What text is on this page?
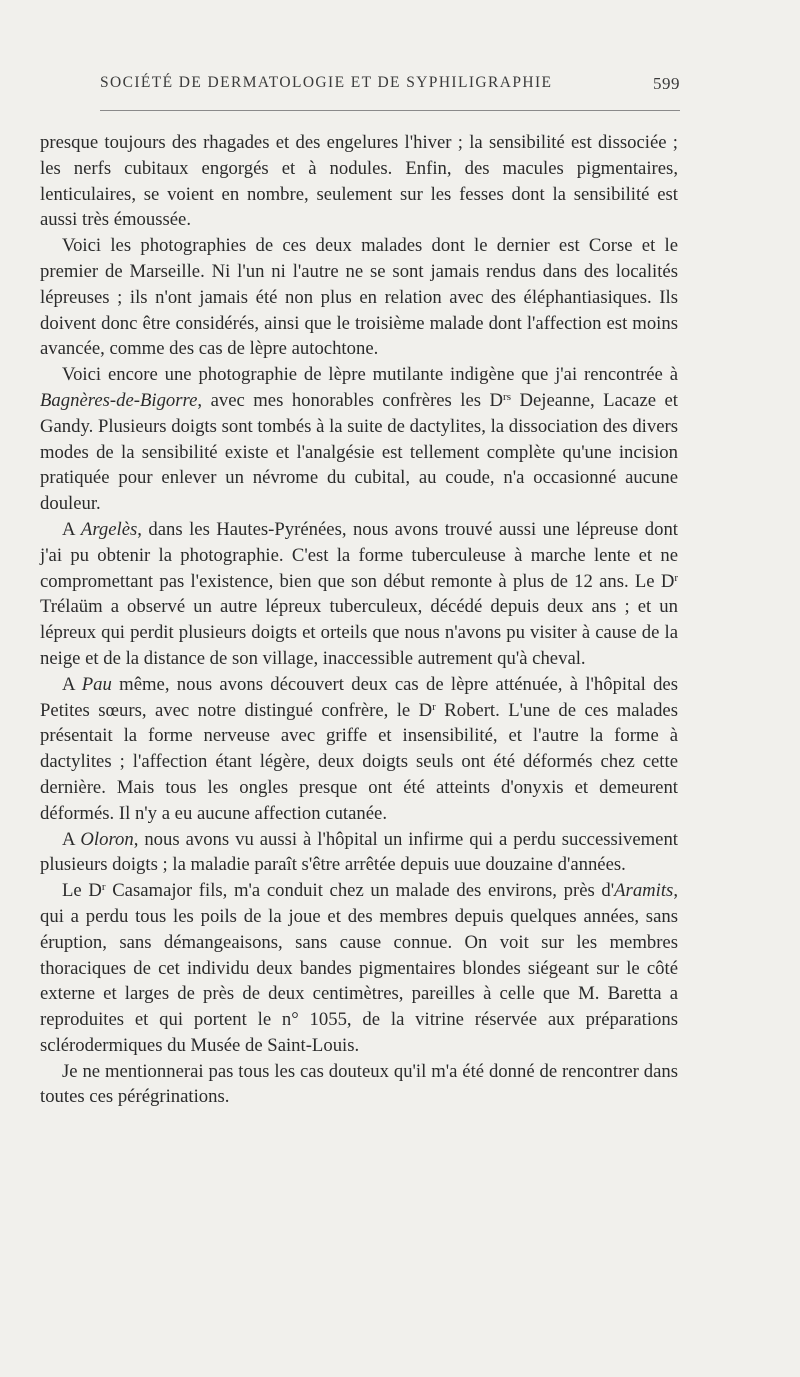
SOCIÉTÉ DE DERMATOLOGIE ET DE SYPHILIGRAPHIE	599

presque toujours des rhagades et des engelures l'hiver ; la sensibilité est dissociée ; les nerfs cubitaux engorgés et à nodules. Enfin, des macules pigmentaires, lenticulaires, se voient en nombre, seulement sur les fesses dont la sensibilité est aussi très émoussée.

Voici les photographies de ces deux malades dont le dernier est Corse et le premier de Marseille. Ni l'un ni l'autre ne se sont jamais rendus dans des localités lépreuses ; ils n'ont jamais été non plus en relation avec des éléphantiasiques. Ils doivent donc être considérés, ainsi que le troisième malade dont l'affection est moins avancée, comme des cas de lèpre autochtone.

Voici encore une photographie de lèpre mutilante indigène que j'ai rencontrée à Bagnères-de-Bigorre, avec mes honorables confrères les $D^{rs}$ Dejeanne, Lacaze et Gandy. Plusieurs doigts sont tombés à la suite de dactylites, la dissociation des divers modes de la sensibilité existe et l'analgésie est tellement complète qu'une incision pratiquée pour enlever un névrome du cubital, au coude, n'a occasionné aucune douleur.

A Argelès, dans les Hautes-Pyrénées, nous avons trouvé aussi une lépreuse dont j'ai pu obtenir la photographie. C'est la forme tuberculeuse à marche lente et ne compromettant pas l'existence, bien que son début remonte à plus de 12 ans. Le $D^r$ Trélaüm a observé un autre lépreux tuberculeux, décédé depuis deux ans ; et un lépreux qui perdit plusieurs doigts et orteils que nous n'avons pu visiter à cause de la neige et de la distance de son village, inaccessible autrement qu'à cheval.

A Pau même, nous avons découvert deux cas de lèpre atténuée, à l'hôpital des Petites sœurs, avec notre distingué confrère, le $D^r$ Robert. L'une de ces malades présentait la forme nerveuse avec griffe et insensibilité, et l'autre la forme à dactylites ; l'affection étant légère, deux doigts seuls ont été déformés chez cette dernière. Mais tous les ongles presque ont été atteints d'onyxis et demeurent déformés. Il n'y a eu aucune affection cutanée.

A Oloron, nous avons vu aussi à l'hôpital un infirme qui a perdu successivement plusieurs doigts ; la maladie paraît s'être arrêtée depuis uue douzaine d'années.

Le $D^r$ Casamajor fils, m'a conduit chez un malade des environs, près d'Aramits, qui a perdu tous les poils de la joue et des membres depuis quelques années, sans éruption, sans démangeaisons, sans cause connue. On voit sur les membres thoraciques de cet individu deux bandes pigmentaires blondes siégeant sur le côté externe et larges de près de deux centimètres, pareilles à celle que M. Baretta a reproduites et qui portent le n° 1055, de la vitrine réservée aux préparations sclérodermiques du Musée de Saint-Louis.

Je ne mentionnerai pas tous les cas douteux qu'il m'a été donné de rencontrer dans toutes ces pérégrinations.
